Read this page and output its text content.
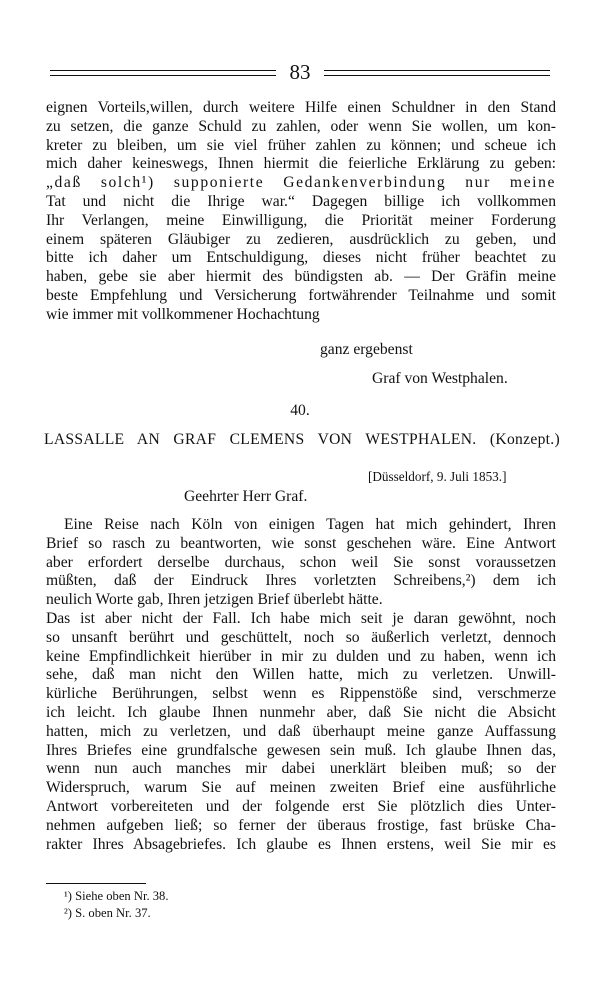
83
eignen Vorteils,willen, durch weitere Hilfe einen Schuldner in den Stand
zu setzen, die ganze Schuld zu zahlen, oder wenn Sie wollen, um kon-
kreter zu bleiben, um sie viel früher zahlen zu können; und scheue ich
mich daher keineswegs, Ihnen hiermit die feierliche Erklärung zu geben:
„daß solch¹) supponierte Gedankenverbindung nur meine
Tat und nicht die Ihrige war.“ Dagegen billige ich vollkommen
Ihr Verlangen, meine Einwilligung, die Priorität meiner Forderung
einem späteren Gläubiger zu zedieren, ausdrücklich zu geben, und
bitte ich daher um Entschuldigung, dieses nicht früher beachtet zu
haben, gebe sie aber hiermit des bündigsten ab. — Der Gräfin meine
beste Empfehlung und Versicherung fortwährender Teilnahme und somit
wie immer mit vollkommener Hochachtung
ganz ergebenst
Graf von Westphalen.
40.
LASSALLE AN GRAF CLEMENS VON WESTPHALEN. (Konzept.)
[Düsseldorf, 9. Juli 1853.]
Geehrter Herr Graf.
Eine Reise nach Köln von einigen Tagen hat mich gehindert, Ihren
Brief so rasch zu beantworten, wie sonst geschehen wäre. Eine Antwort
aber erfordert derselbe durchaus, schon weil Sie sonst voraussetzen
müßten, daß der Eindruck Ihres vorletzten Schreibens,²) dem ich
neulich Worte gab, Ihren jetzigen Brief überlebt hätte.
Das ist aber nicht der Fall. Ich habe mich seit je daran gewöhnt, noch
so unsanft berührt und geschüttelt, noch so äußerlich verletzt, dennoch
keine Empfindlichkeit hierüber in mir zu dulden und zu haben, wenn ich
sehe, daß man nicht den Willen hatte, mich zu verletzen. Unwill-
kürliche Berührungen, selbst wenn es Rippenstöße sind, verschmerze
ich leicht. Ich glaube Ihnen nunmehr aber, daß Sie nicht die Absicht
hatten, mich zu verletzen, und daß überhaupt meine ganze Auffassung
Ihres Briefes eine grundfalsche gewesen sein muß. Ich glaube Ihnen das,
wenn nun auch manches mir dabei unerklärt bleiben muß; so der
Widerspruch, warum Sie auf meinen zweiten Brief eine ausführliche
Antwort vorbereiteten und der folgende erst Sie plötzlich dies Unter-
nehmen aufgeben ließ; so ferner der überaus frostige, fast brüske Cha-
rakter Ihres Absagebriefes. Ich glaube es Ihnen erstens, weil Sie mir es
¹) Siehe oben Nr. 38.
²) S. oben Nr. 37.
